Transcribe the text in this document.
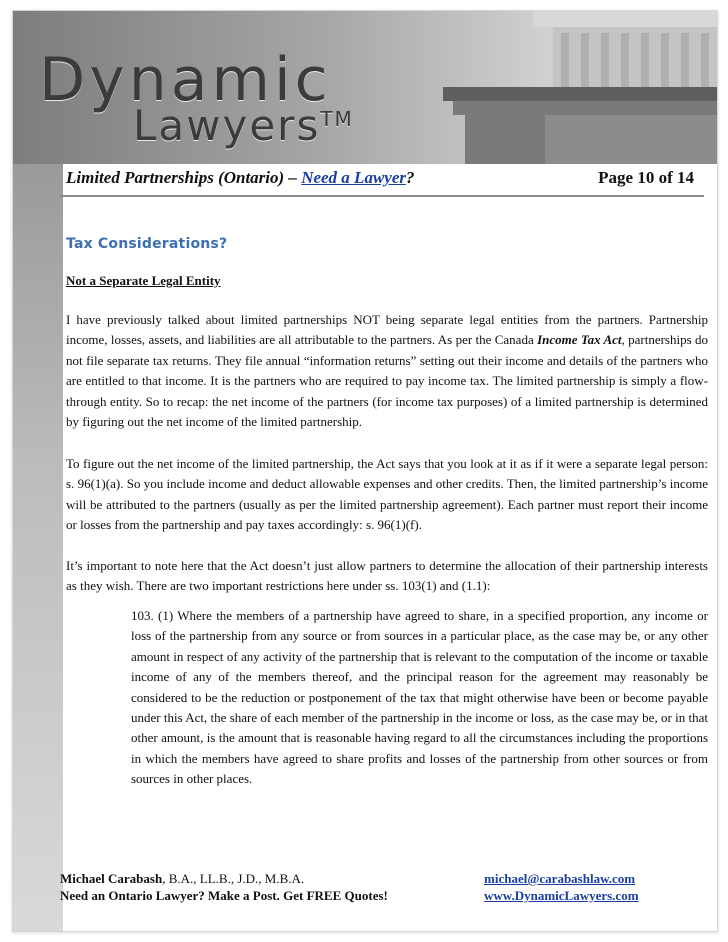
Dynamic
Lawyers™
Limited Partnerships (Ontario) – Need a Lawyer?	Page 10 of 14
Tax Considerations?
Not a Separate Legal Entity
I have previously talked about limited partnerships NOT being separate legal entities from the partners. Partnership income, losses, assets, and liabilities are all attributable to the partners. As per the Canada Income Tax Act, partnerships do not file separate tax returns. They file annual “information returns” setting out their income and details of the partners who are entitled to that income. It is the partners who are required to pay income tax. The limited partnership is simply a flow-through entity. So to recap: the net income of the partners (for income tax purposes) of a limited partnership is determined by figuring out the net income of the limited partnership.
To figure out the net income of the limited partnership, the Act says that you look at it as if it were a separate legal person: s. 96(1)(a). So you include income and deduct allowable expenses and other credits. Then, the limited partnership’s income will be attributed to the partners (usually as per the limited partnership agreement). Each partner must report their income or losses from the partnership and pay taxes accordingly: s. 96(1)(f).
It’s important to note here that the Act doesn’t just allow partners to determine the allocation of their partnership interests as they wish. There are two important restrictions here under ss. 103(1) and (1.1):
103. (1) Where the members of a partnership have agreed to share, in a specified proportion, any income or loss of the partnership from any source or from sources in a particular place, as the case may be, or any other amount in respect of any activity of the partnership that is relevant to the computation of the income or taxable income of any of the members thereof, and the principal reason for the agreement may reasonably be considered to be the reduction or postponement of the tax that might otherwise have been or become payable under this Act, the share of each member of the partnership in the income or loss, as the case may be, or in that other amount, is the amount that is reasonable having regard to all the circumstances including the proportions in which the members have agreed to share profits and losses of the partnership from other sources or from sources in other places.
Michael Carabash, B.A., LL.B., J.D., M.B.A.
Need an Ontario Lawyer? Make a Post. Get FREE Quotes!
michael@carabashlaw.com
www.DynamicLawyers.com
